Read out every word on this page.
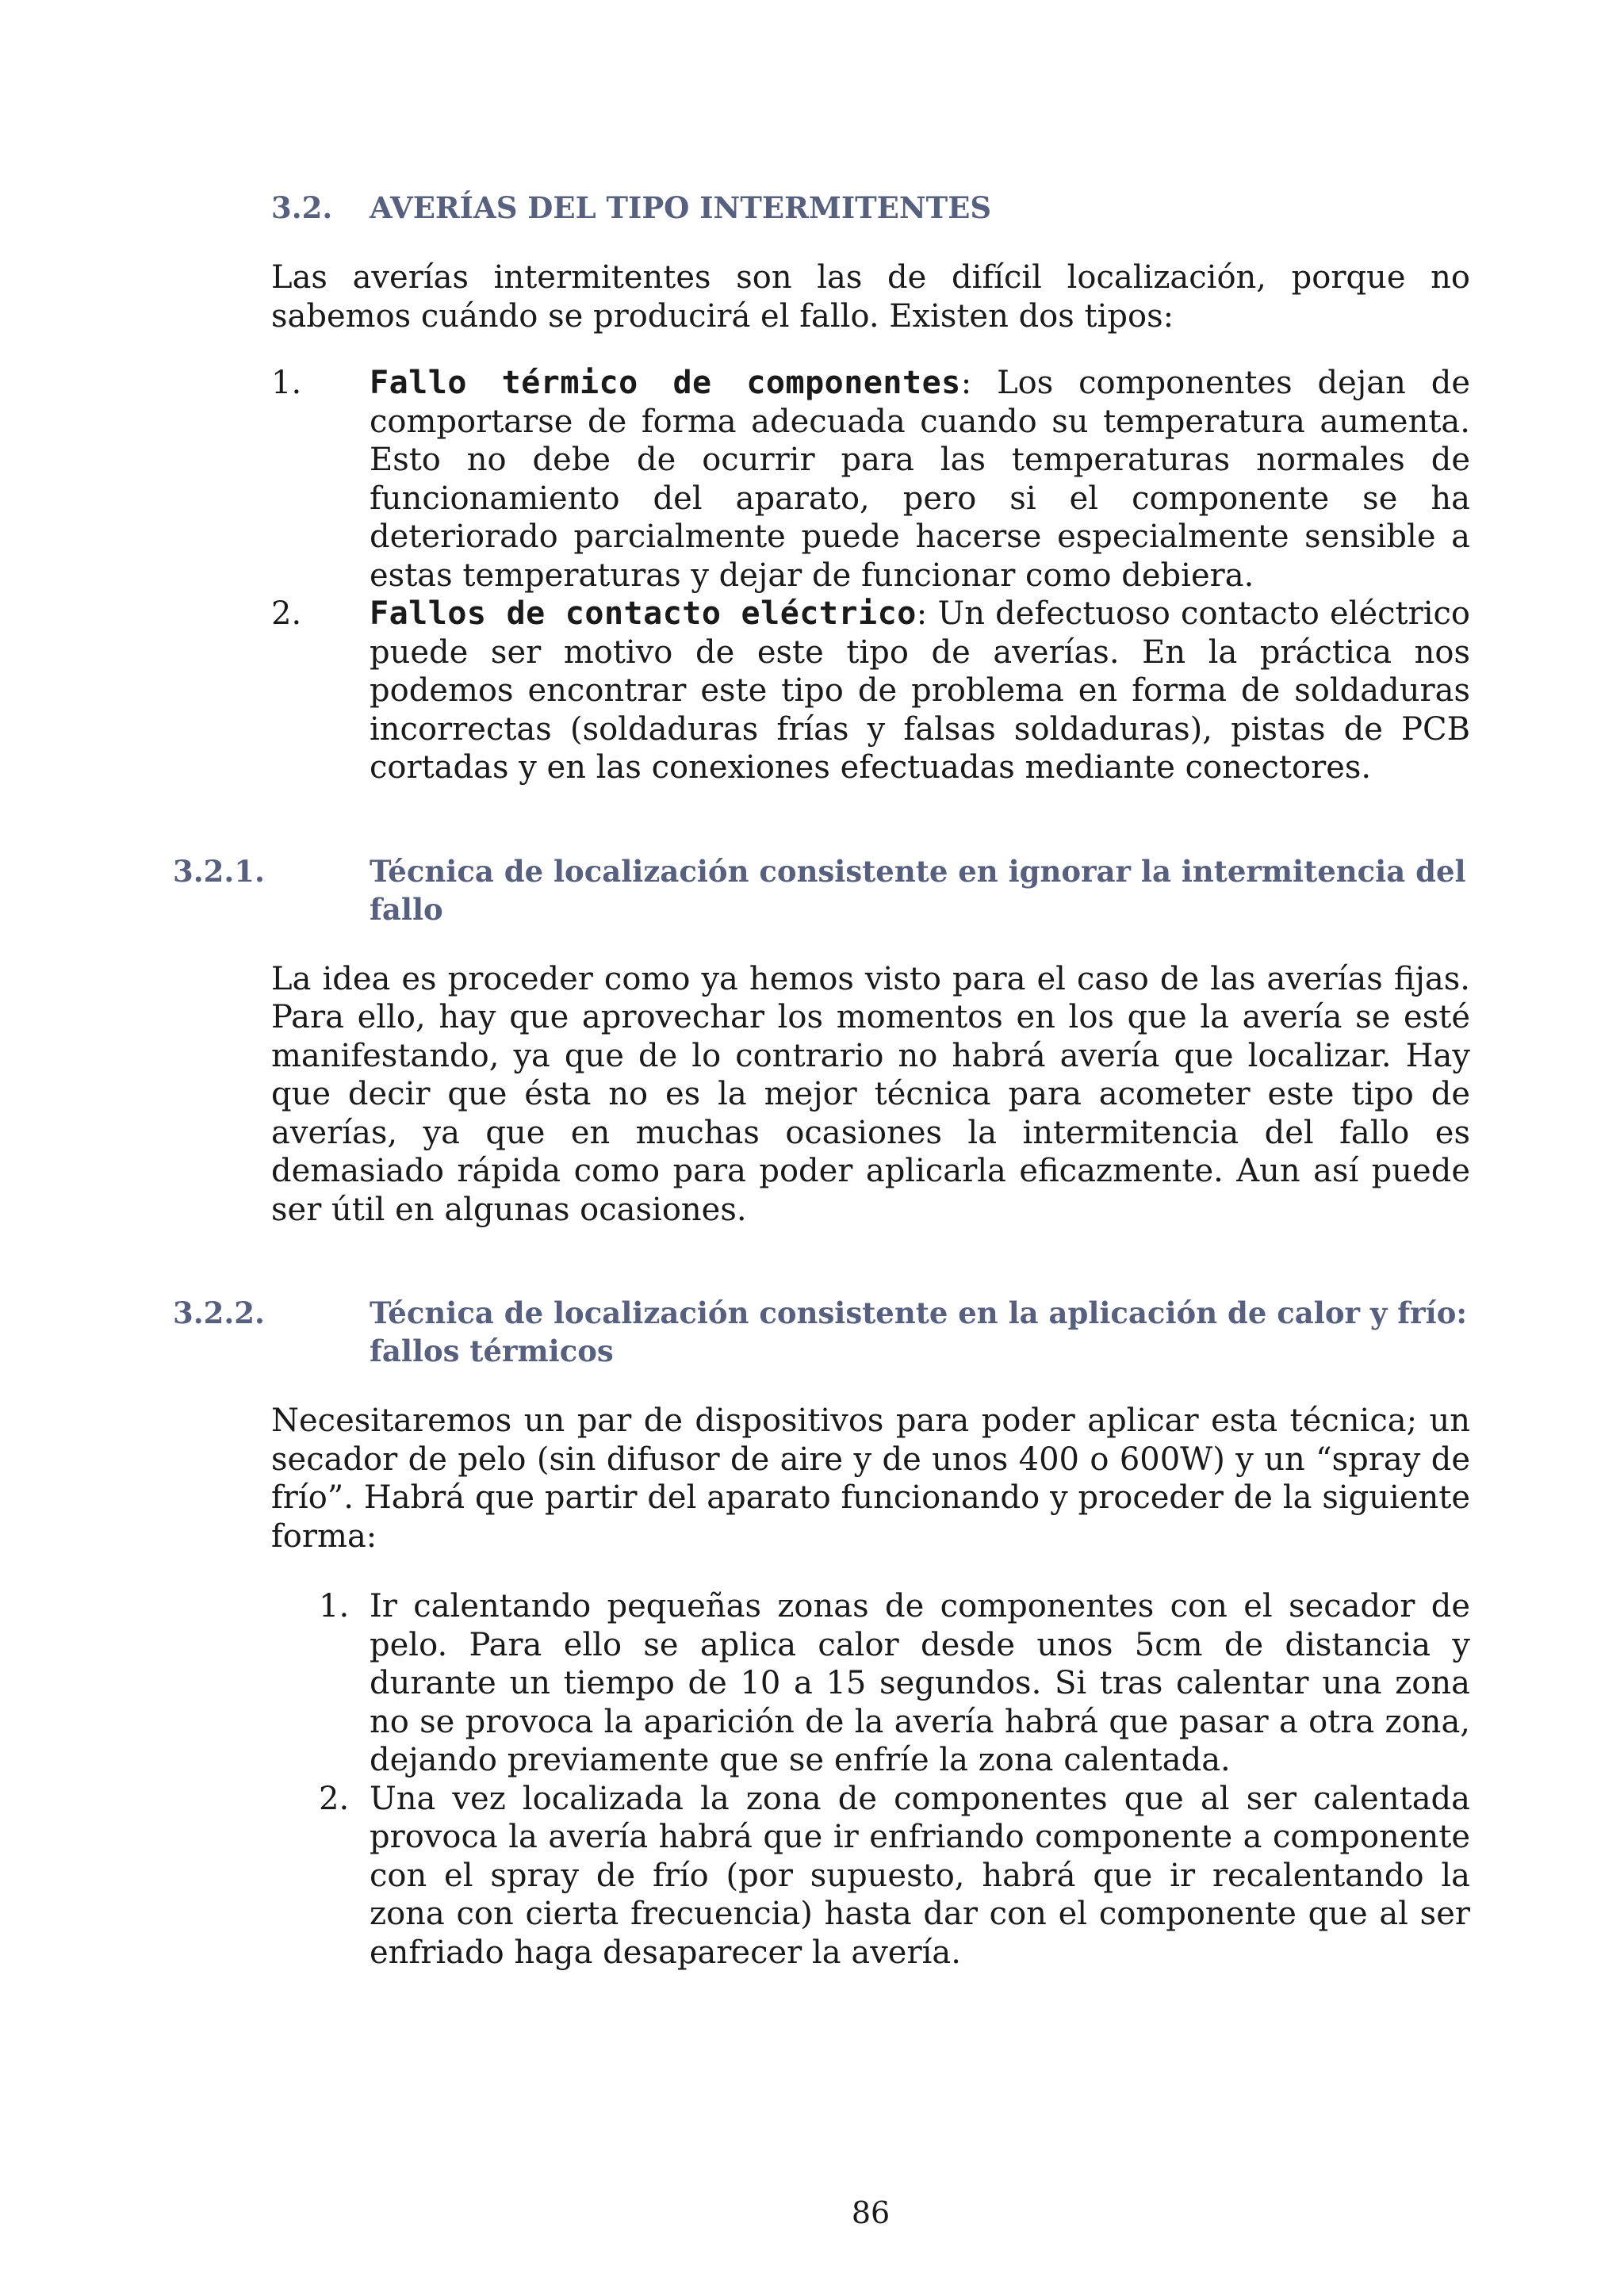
3.2. AVERÍAS DEL TIPO INTERMITENTES

Las averías intermitentes son las de difícil localización, porque no sabemos cuándo se producirá el fallo. Existen dos tipos:

1. Fallo térmico de componentes: Los componentes dejan de comportarse de forma adecuada cuando su temperatura aumenta. Esto no debe de ocurrir para las temperaturas normales de funcionamiento del aparato, pero si el componente se ha deteriorado parcialmente puede hacerse especialmente sensible a estas temperaturas y dejar de funcionar como debiera.
2. Fallos de contacto eléctrico: Un defectuoso contacto eléctrico puede ser motivo de este tipo de averías. En la práctica nos podemos encontrar este tipo de problema en forma de soldaduras incorrectas (soldaduras frías y falsas soldaduras), pistas de PCB cortadas y en las conexiones efectuadas mediante conectores.
3.2.1.	Técnica de localización consistente en ignorar la intermitencia del fallo

La idea es proceder como ya hemos visto para el caso de las averías fijas. Para ello, hay que aprovechar los momentos en los que la avería se esté manifestando, ya que de lo contrario no habrá avería que localizar. Hay que decir que ésta no es la mejor técnica para acometer este tipo de averías, ya que en muchas ocasiones la intermitencia del fallo es demasiado rápida como para poder aplicarla eficazmente. Aun así puede ser útil en algunas ocasiones.

3.2.2.	Técnica de localización consistente en la aplicación de calor y frío: fallos térmicos

Necesitaremos un par de dispositivos para poder aplicar esta técnica; un secador de pelo (sin difusor de aire y de unos 400 o 600W) y un “spray de frío”. Habrá que partir del aparato funcionando y proceder de la siguiente forma:

1. Ir calentando pequeñas zonas de componentes con el secador de pelo. Para ello se aplica calor desde unos 5cm de distancia y durante un tiempo de 10 a 15 segundos. Si tras calentar una zona no se provoca la aparición de la avería habrá que pasar a otra zona, dejando previamente que se enfríe la zona calentada.
2. Una vez localizada la zona de componentes que al ser calentada provoca la avería habrá que ir enfriando componente a componente con el spray de frío (por supuesto, habrá que ir recalentando la zona con cierta frecuencia) hasta dar con el componente que al ser enfriado haga desaparecer la avería.
86
